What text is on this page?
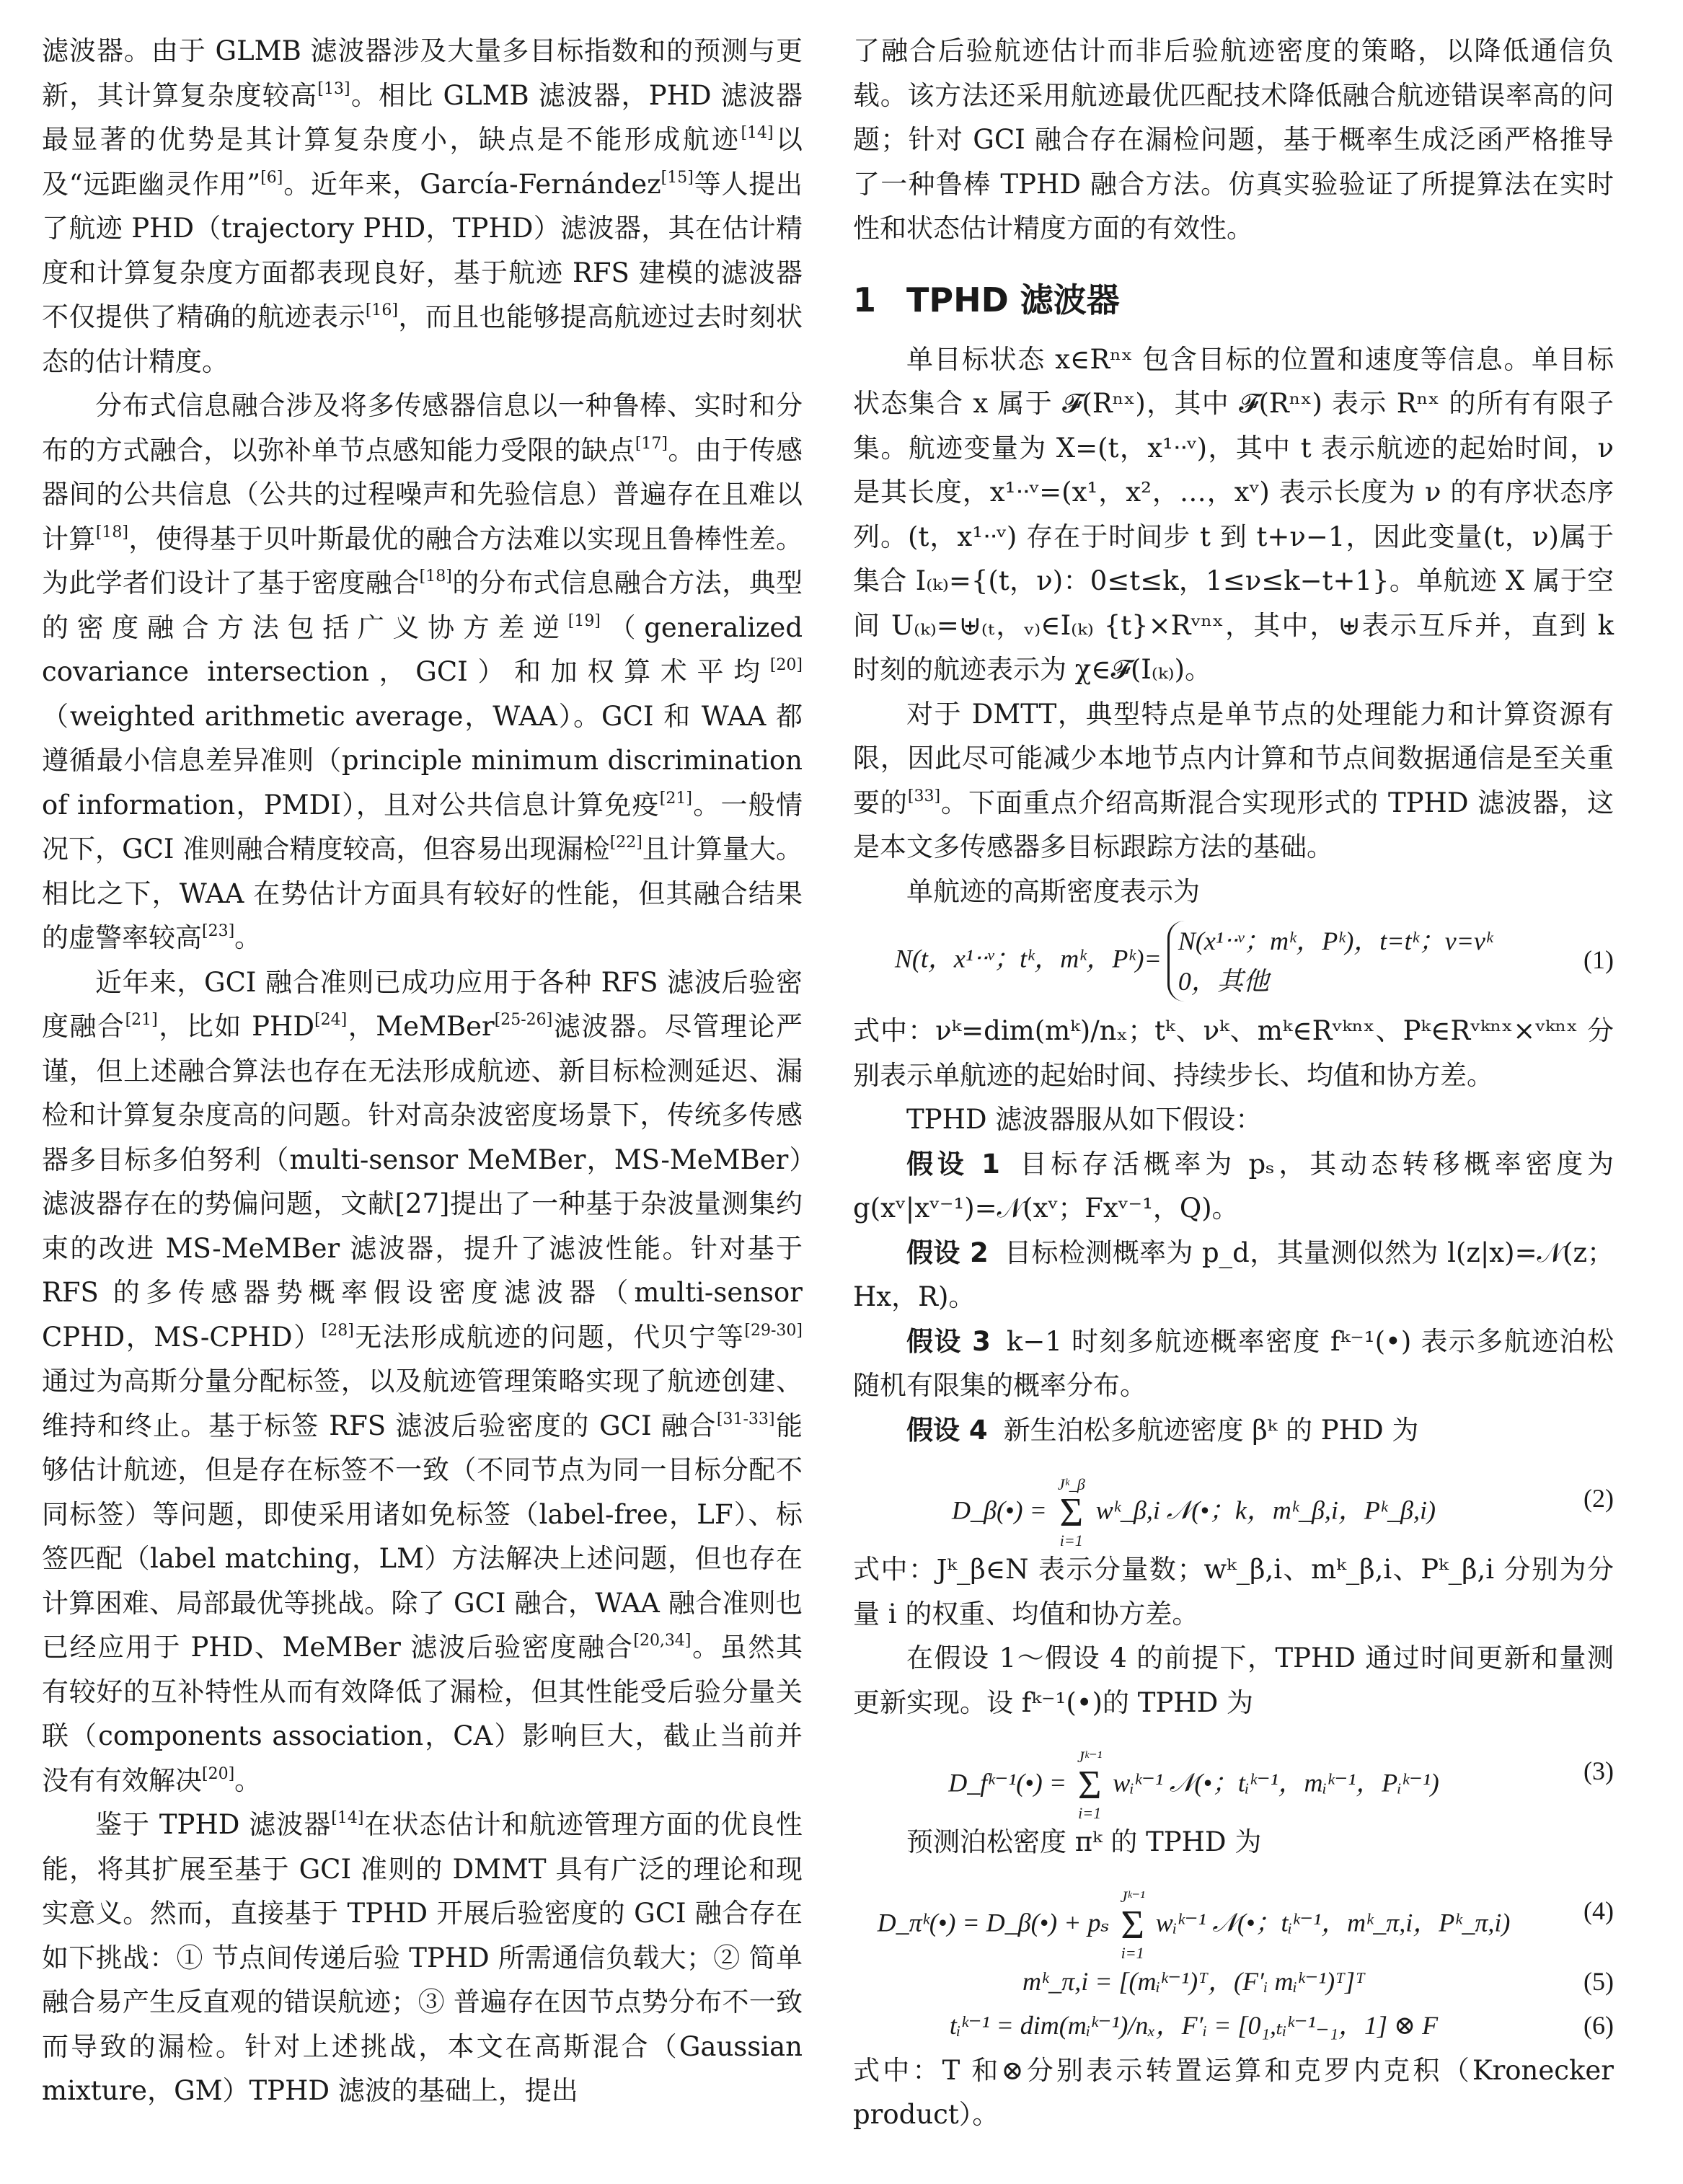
滤波器。由于 GLMB 滤波器涉及大量多目标指数和的预测与更新，其计算复杂度较高[13]。相比 GLMB 滤波器，PHD 滤波器最显著的优势是其计算复杂度小，缺点是不能形成航迹[14]以及“远距幽灵作用”[6]。近年来，García-Fernández[15]等人提出了航迹 PHD（trajectory PHD，TPHD）滤波器，其在估计精度和计算复杂度方面都表现良好，基于航迹 RFS 建模的滤波器不仅提供了精确的航迹表示[16]，而且也能够提高航迹过去时刻状态的估计精度。

分布式信息融合涉及将多传感器信息以一种鲁棒、实时和分布的方式融合，以弥补单节点感知能力受限的缺点[17]。由于传感器间的公共信息（公共的过程噪声和先验信息）普遍存在且难以计算[18]，使得基于贝叶斯最优的融合方法难以实现且鲁棒性差。为此学者们设计了基于密度融合[18]的分布式信息融合方法，典型的密度融合方法包括广义协方差逆[19]（generalized covariance intersection，GCI）和加权算术平均[20]（weighted arithmetic average，WAA）。GCI 和 WAA 都遵循最小信息差异准则（principle minimum discrimination of information，PMDI），且对公共信息计算免疫[21]。一般情况下，GCI 准则融合精度较高，但容易出现漏检[22]且计算量大。相比之下，WAA 在势估计方面具有较好的性能，但其融合结果的虚警率较高[23]。

近年来，GCI 融合准则已成功应用于各种 RFS 滤波后验密度融合[21]，比如 PHD[24]，MeMBer[25-26]滤波器。尽管理论严谨，但上述融合算法也存在无法形成航迹、新目标检测延迟、漏检和计算复杂度高的问题。针对高杂波密度场景下，传统多传感器多目标多伯努利（multi-sensor MeMBer，MS-MeMBer）滤波器存在的势偏问题，文献[27]提出了一种基于杂波量测集约束的改进 MS-MeMBer 滤波器，提升了滤波性能。针对基于 RFS 的多传感器势概率假设密度滤波器（multi-sensor CPHD，MS-CPHD）[28]无法形成航迹的问题，代贝宁等[29-30]通过为高斯分量分配标签，以及航迹管理策略实现了航迹创建、维持和终止。基于标签 RFS 滤波后验密度的 GCI 融合[31-33]能够估计航迹，但是存在标签不一致（不同节点为同一目标分配不同标签）等问题，即使采用诸如免标签（label-free，LF）、标签匹配（label matching，LM）方法解决上述问题，但也存在计算困难、局部最优等挑战。除了 GCI 融合，WAA 融合准则也已经应用于 PHD、MeMBer 滤波后验密度融合[20,34]。虽然其有较好的互补特性从而有效降低了漏检，但其性能受后验分量关联（components association，CA）影响巨大，截止当前并没有有效解决[20]。

鉴于 TPHD 滤波器[14]在状态估计和航迹管理方面的优良性能，将其扩展至基于 GCI 准则的 DMMT 具有广泛的理论和现实意义。然而，直接基于 TPHD 开展后验密度的 GCI 融合存在如下挑战：① 节点间传递后验 TPHD 所需通信负载大；② 简单融合易产生反直观的错误航迹；③ 普遍存在因节点势分布不一致而导致的漏检。针对上述挑战，本文在高斯混合（Gaussian mixture，GM）TPHD 滤波的基础上，提出

了融合后验航迹估计而非后验航迹密度的策略，以降低通信负载。该方法还采用航迹最优匹配技术降低融合航迹错误率高的问题；针对 GCI 融合存在漏检问题，基于概率生成泛函严格推导了一种鲁棒 TPHD 融合方法。仿真实验验证了所提算法在实时性和状态估计精度方面的有效性。

1 TPHD 滤波器

单目标状态 x∈Rⁿˣ 包含目标的位置和速度等信息。单目标状态集合 x 属于 𝓕(Rⁿˣ)，其中 𝓕(Rⁿˣ) 表示 Rⁿˣ 的所有有限子集。航迹变量为 X=(t，x¹ᐧᐧᵛ)，其中 t 表示航迹的起始时间，ν 是其长度，x¹ᐧᐧᵛ=(x¹，x²，…，xᵛ) 表示长度为 ν 的有序状态序列。(t，x¹ᐧᐧᵛ) 存在于时间步 t 到 t+ν−1，因此变量(t，ν)属于集合 I₍ₖ₎={(t，ν)：0≤t≤k，1≤ν≤k−t+1}。单航迹 X 属于空间 U₍ₖ₎=⊎₍ₜ，ᵥ₎∈I₍ₖ₎ {t}×Rᵛⁿˣ，其中，⊎表示互斥并，直到 k 时刻的航迹表示为 χ∈𝓕(I₍ₖ₎)。

对于 DMTT，典型特点是单节点的处理能力和计算资源有限，因此尽可能减少本地节点内计算和节点间数据通信是至关重要的[33]。下面重点介绍高斯混合实现形式的 TPHD 滤波器，这是本文多传感器多目标跟踪方法的基础。

单航迹的高斯密度表示为

N(t，x¹ᐧᐧᵛ；tᵏ，mᵏ，Pᵏ)=N(x¹ᐧᐧᵛ；mᵏ，Pᵏ)，t=tᵏ；ν=νᵏ
0，其他
(1)

式中：νᵏ=dim(mᵏ)/nₓ；tᵏ、νᵏ、mᵏ∈Rᵛᵏⁿˣ、Pᵏ∈Rᵛᵏⁿˣ×ᵛᵏⁿˣ 分别表示单航迹的起始时间、持续步长、均值和协方差。

TPHD 滤波器服从如下假设：

假设 1 目标存活概率为 pₛ，其动态转移概率密度为 g(xᵛ|xᵛ⁻¹)=𝒩(xᵛ；Fxᵛ⁻¹，Q)。

假设 2 目标检测概率为 p_d，其量测似然为 l(z|x)=𝒩(z；Hx，R)。

假设 3 k−1 时刻多航迹概率密度 fᵏ⁻¹(•) 表示多航迹泊松随机有限集的概率分布。

假设 4 新生泊松多航迹密度 βᵏ 的 PHD 为

D_β(•) =
Jᵏ_β
Σ
i=1
wᵏ_β,i 𝒩(•；k，mᵏ_β,i，Pᵏ_β,i)	(2)

式中：Jᵏ_β∈N 表示分量数；wᵏ_β,i、mᵏ_β,i、Pᵏ_β,i 分别为分量 i 的权重、均值和协方差。

在假设 1～假设 4 的前提下，TPHD 通过时间更新和量测更新实现。设 fᵏ⁻¹(•)的 TPHD 为

D_fᵏ⁻¹(•) =
Jᵏ⁻¹
Σ
i=1
wᵢᵏ⁻¹ 𝒩(•；tᵢᵏ⁻¹，mᵢᵏ⁻¹，Pᵢᵏ⁻¹)	(3)

预测泊松密度 πᵏ 的 TPHD 为

D_πᵏ(•) = D_β(•) + pₛ
Jᵏ⁻¹
Σ
i=1
wᵢᵏ⁻¹ 𝒩(•；tᵢᵏ⁻¹，mᵏ_π,i，Pᵏ_π,i)	(4)
mᵏ_π,i = [(mᵢᵏ⁻¹)ᵀ，(F′ᵢ mᵢᵏ⁻¹)ᵀ]ᵀ	(5)
tᵢᵏ⁻¹ = dim(mᵢᵏ⁻¹)/nₓ，F′ᵢ = [0₁,ₜᵢᵏ⁻¹₋₁，1] ⊗ F	(6)

式中：T 和⊗分别表示转置运算和克罗内克积（Kronecker product）。
